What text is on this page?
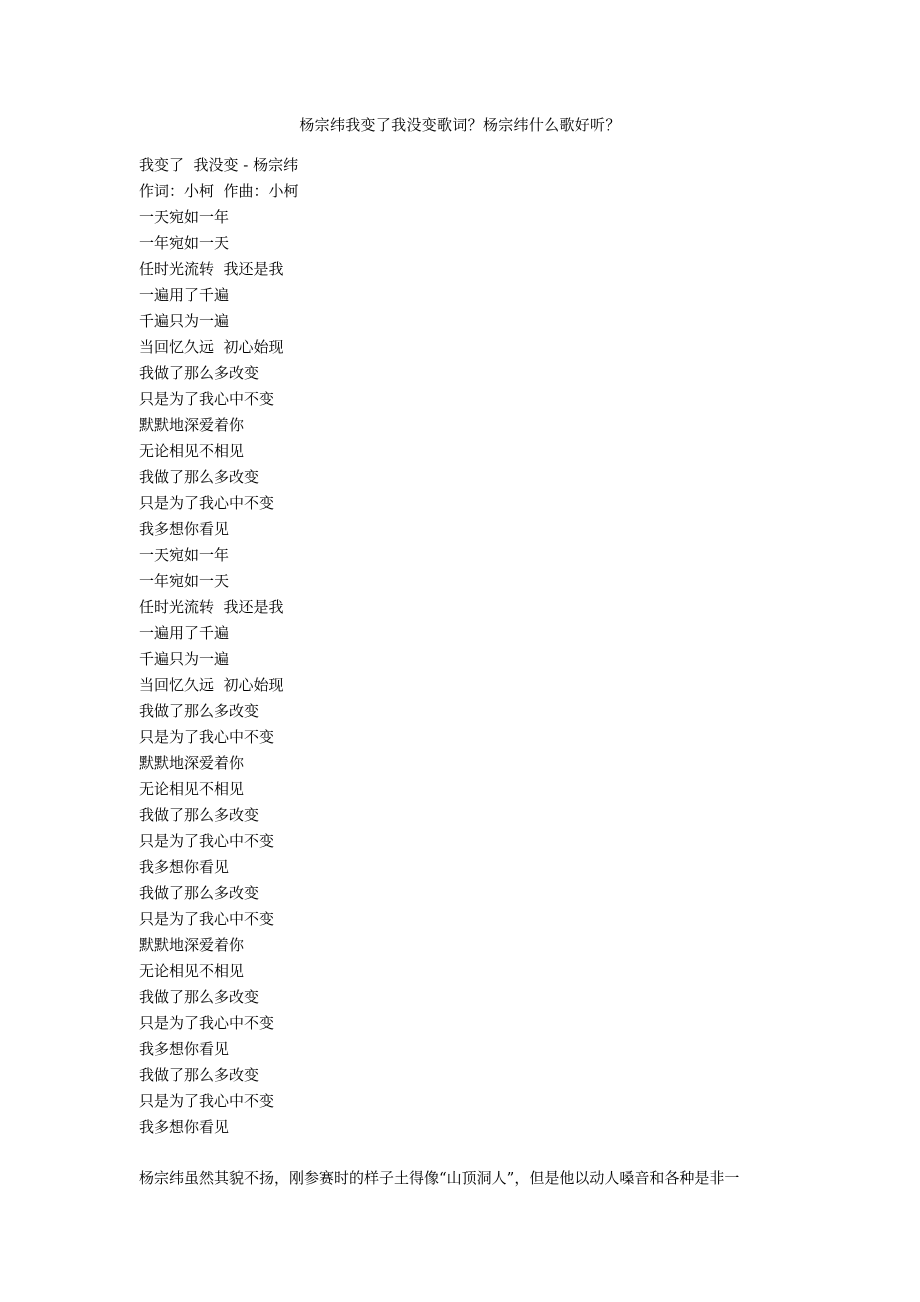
杨宗纬我变了我没变歌词？杨宗纬什么歌好听？
我变了  我没变 - 杨宗纬
作词：小柯  作曲：小柯
一天宛如一年
一年宛如一天
任时光流转  我还是我
一遍用了千遍
千遍只为一遍
当回忆久远  初心始现
我做了那么多改变
只是为了我心中不变
默默地深爱着你
无论相见不相见
我做了那么多改变
只是为了我心中不变
我多想你看见
一天宛如一年
一年宛如一天
任时光流转  我还是我
一遍用了千遍
千遍只为一遍
当回忆久远  初心始现
我做了那么多改变
只是为了我心中不变
默默地深爱着你
无论相见不相见
我做了那么多改变
只是为了我心中不变
我多想你看见
我做了那么多改变
只是为了我心中不变
默默地深爱着你
无论相见不相见
我做了那么多改变
只是为了我心中不变
我多想你看见
我做了那么多改变
只是为了我心中不变
我多想你看见
杨宗纬虽然其貌不扬，刚参赛时的样子土得像“山顶洞人”，但是他以动人嗓音和各种是非一
